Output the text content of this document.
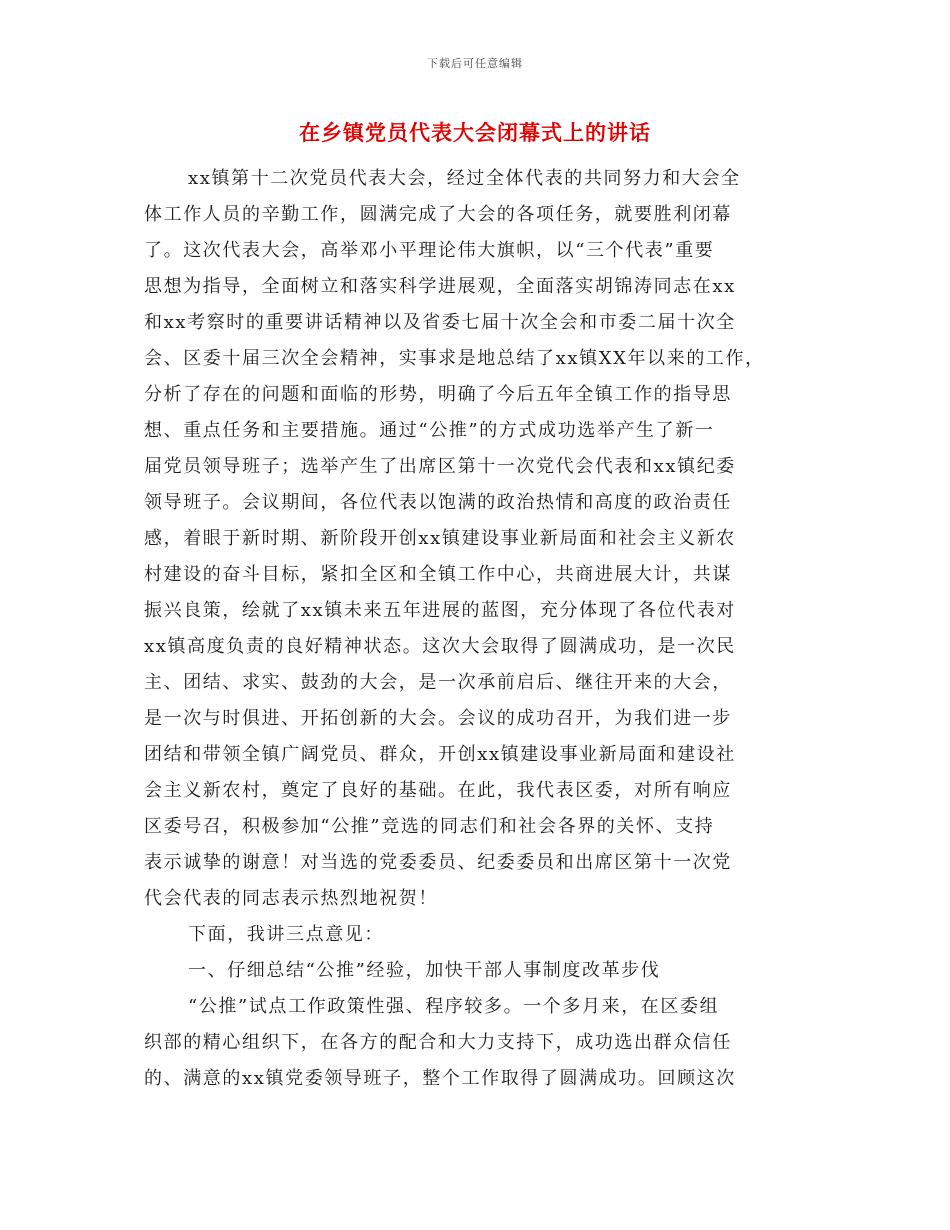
下载后可任意编辑
在乡镇党员代表大会闭幕式上的讲话
xx镇第十二次党员代表大会，经过全体代表的共同努力和大会全
体工作人员的辛勤工作，圆满完成了大会的各项任务，就要胜利闭幕
了。这次代表大会，高举邓小平理论伟大旗帜，以“三个代表”重要
思想为指导，全面树立和落实科学进展观，全面落实胡锦涛同志在xx
和xx考察时的重要讲话精神以及省委七届十次全会和市委二届十次全
会、区委十届三次全会精神，实事求是地总结了xx镇XX年以来的工作，
分析了存在的问题和面临的形势，明确了今后五年全镇工作的指导思
想、重点任务和主要措施。通过“公推”的方式成功选举产生了新一
届党员领导班子；选举产生了出席区第十一次党代会代表和xx镇纪委
领导班子。会议期间，各位代表以饱满的政治热情和高度的政治责任
感，着眼于新时期、新阶段开创xx镇建设事业新局面和社会主义新农
村建设的奋斗目标，紧扣全区和全镇工作中心，共商进展大计，共谋
振兴良策，绘就了xx镇未来五年进展的蓝图，充分体现了各位代表对
xx镇高度负责的良好精神状态。这次大会取得了圆满成功，是一次民
主、团结、求实、鼓劲的大会，是一次承前启后、继往开来的大会，
是一次与时俱进、开拓创新的大会。会议的成功召开，为我们进一步
团结和带领全镇广阔党员、群众，开创xx镇建设事业新局面和建设社
会主义新农村，奠定了良好的基础。在此，我代表区委，对所有响应
区委号召，积极参加“公推”竞选的同志们和社会各界的关怀、支持
表示诚挚的谢意！对当选的党委委员、纪委委员和出席区第十一次党
代会代表的同志表示热烈地祝贺！
下面，我讲三点意见：
一、仔细总结“公推”经验，加快干部人事制度改革步伐
“公推”试点工作政策性强、程序较多。一个多月来，在区委组
织部的精心组织下，在各方的配合和大力支持下，成功选出群众信任
的、满意的xx镇党委领导班子，整个工作取得了圆满成功。回顾这次
